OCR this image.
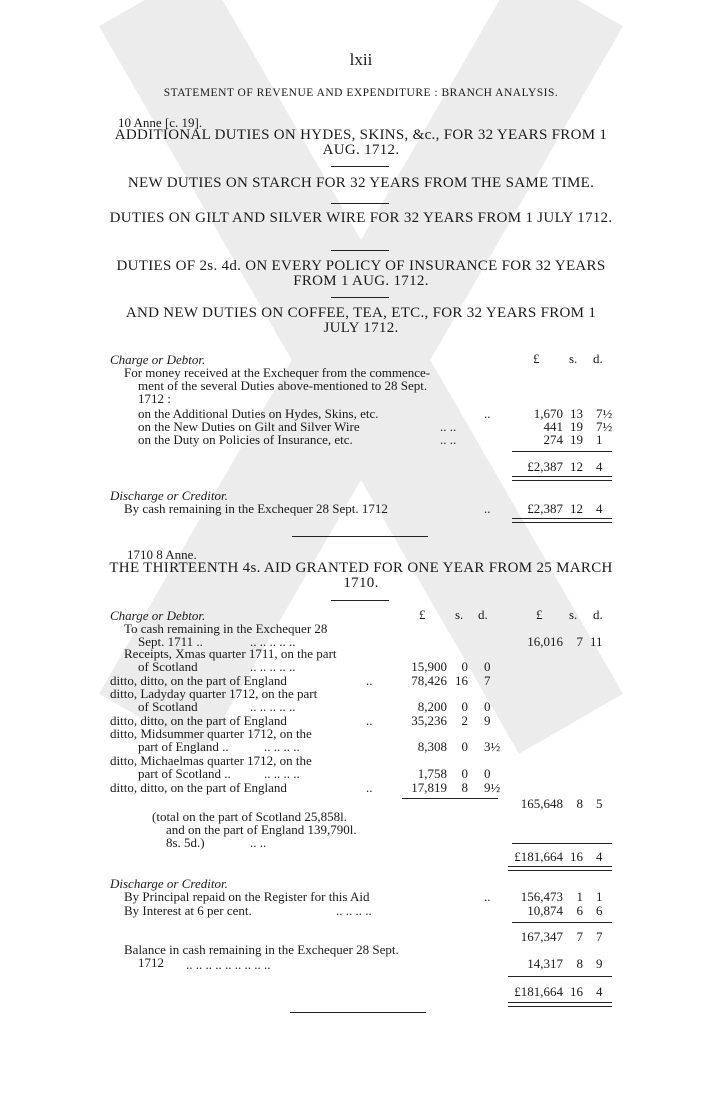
lxii
STATEMENT OF REVENUE AND EXPENDITURE : BRANCH ANALYSIS.
10 Anne [c. 19].
ADDITIONAL DUTIES ON HYDES, SKINS, &c., FOR 32 YEARS FROM 1 AUG. 1712.
NEW DUTIES ON STARCH FOR 32 YEARS FROM THE SAME TIME.
DUTIES ON GILT AND SILVER WIRE FOR 32 YEARS FROM 1 JULY 1712.
DUTIES OF 2s. 4d. ON EVERY POLICY OF INSURANCE FOR 32 YEARS FROM 1 AUG. 1712.
AND NEW DUTIES ON COFFEE, TEA, ETC., FOR 32 YEARS FROM 1 JULY 1712.
£ s. d.
Charge or Debtor.
For money received at the Exchequer from the commence-
ment of the several Duties above-mentioned to 28 Sept.
1712 :
on the Additional Duties on Hydes, Skins, etc.	..	1,670 13 7½
on the New Duties on Gilt and Silver Wire	.. ..	441 19 7½
on the Duty on Policies of Insurance, etc.	.. ..	274 19 1
£2,387 12 4
Discharge or Creditor.
By cash remaining in the Exchequer 28 Sept. 1712	..	£2,387 12 4
1710 8 Anne.
THE THIRTEENTH 4s. AID GRANTED FOR ONE YEAR FROM 25 MARCH 1710.
£ s. d.	£ s. d.
Charge or Debtor.
To cash remaining in the Exchequer 28
Sept. 1711 ..	.. .. .. .. ..	16,016	7 11
Receipts, Xmas quarter 1711, on the part
of Scotland	.. .. .. .. ..	15,900	0 0
ditto, ditto, on the part of England	..	78,426 16 7
ditto, Ladyday quarter 1712, on the part
of Scotland	.. .. .. .. ..	8,200	0 0
ditto, ditto, on the part of England	..	35,236	2 9
ditto, Midsummer quarter 1712, on the
part of England ..	.. .. .. ..	8,308	0 3½
ditto, Michaelmas quarter 1712, on the
part of Scotland ..	.. .. .. ..	1,758	0 0
ditto, ditto, on the part of England	..	17,819	8 9½
165,648	8 5
(total on the part of Scotland 25,858l.
and on the part of England 139,790l.
8s. 5d.)	.. ..
£181,664 16 4
Discharge or Creditor.
By Principal repaid on the Register for this Aid	..	156,473	1 1
By Interest at 6 per cent.	.. .. .. ..	10,874	6 6
167,347	7 7
Balance in cash remaining in the Exchequer 28 Sept.
1712 .. .. .. .. .. .. .. .. ..	14,317	8 9
£181,664 16 4
